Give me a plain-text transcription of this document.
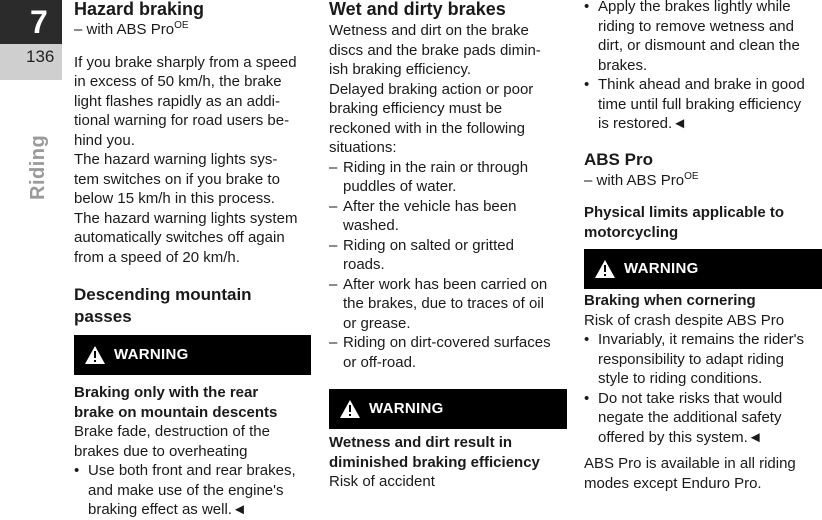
7
136
Riding

Hazard braking

– with ABS Pro$^{OE}$

If you brake sharply from a speed

in excess of 50 km/h, the brake

light flashes rapidly as an addi-

tional warning for road users be-

hind you.

The hazard warning lights sys-

tem switches on if you brake to

below 15 km/h in this process.

The hazard warning lights system

automatically switches off again

from a speed of 20 km/h.

Descending mountain

passes

WARNING

Braking only with the rear

brake on mountain descents

Brake fade, destruction of the

brakes due to overheating

• Use both front and rear brakes,

and make use of the engine's

braking effect as well.◄

Wet and dirty brakes

Wetness and dirt on the brake

discs and the brake pads dimin-

ish braking efficiency.

Delayed braking action or poor

braking efficiency must be

reckoned with in the following

situations:

– Riding in the rain or through

puddles of water.

– After the vehicle has been

washed.

– Riding on salted or gritted

roads.

– After work has been carried on

the brakes, due to traces of oil

or grease.

– Riding on dirt-covered surfaces

or off-road.

WARNING

Wetness and dirt result in

diminished braking efficiency

Risk of accident

• Apply the brakes lightly while

riding to remove wetness and

dirt, or dismount and clean the

brakes.

• Think ahead and brake in good

time until full braking efficiency

is restored.◄

ABS Pro

– with ABS Pro$^{OE}$

Physical limits applicable to

motorcycling

WARNING

Braking when cornering

Risk of crash despite ABS Pro

• Invariably, it remains the rider's

responsibility to adapt riding

style to riding conditions.

• Do not take risks that would

negate the additional safety

offered by this system.◄

ABS Pro is available in all riding

modes except Enduro Pro.
